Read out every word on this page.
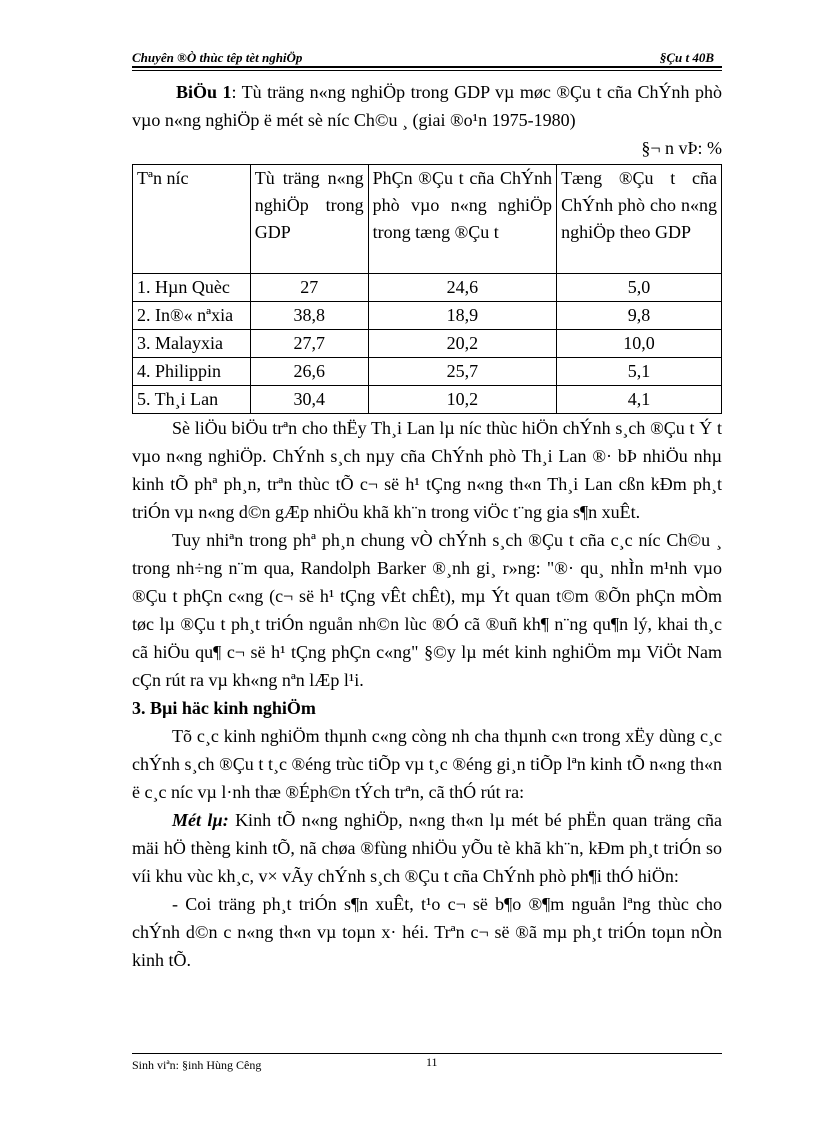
Chuyên ®Ò thùc têp tèt nghiÖp	§Çu t 40B

BiÖu 1: Tù träng n«ng nghiÖp trong GDP vµ møc ®Çu t cña ChÝnh phò vµo n«ng nghiÖp ë mét sè níc Ch©u ¸ (giai ®o¹n 1975-1980)

§¬ n vÞ: %

Tªn níc	Tù träng n«ng nghiÖp trong GDP	PhÇn ®Çu t cña ChÝnh phò vµo n«ng nghiÖp trong tæng ®Çu t	Tæng ®Çu t cña ChÝnh phò cho n«ng nghiÖp theo GDP
1. Hµn Quèc	27	24,6	5,0
2. In®« nªxia	38,8	18,9	9,8
3. Malayxia	27,7	20,2	10,0
4. Philippin	26,6	25,7	5,1
5. Th¸i Lan	30,4	10,2	4,1

Sè liÖu biÖu trªn cho thËy Th¸i Lan lµ níc thùc hiÖn chÝnh s¸ch ®Çu t Ý t vµo n«ng nghiÖp. ChÝnh s¸ch nµy cña ChÝnh phò Th¸i Lan ®· bÞ nhiÖu nhµ kinh tÕ phª ph¸n, trªn thùc tÕ c¬ së h¹ tÇng n«ng th«n Th¸i Lan cßn kÐm ph¸t triÓn vµ n«ng d©n gÆp nhiÖu khã kh¨n trong viÖc t¨ng gia s¶n xuÊt.

Tuy nhiªn trong phª ph¸n chung vÒ chÝnh s¸ch ®Çu t cña c¸c níc Ch©u ¸ trong nh÷ng n¨m qua, Randolph Barker ®¸nh gi¸ r»ng: "®· qu¸ nhÌn m¹nh vµo ®Çu t phÇn c«ng (c¬ së h¹ tÇng vÊt chÊt), mµ Ýt quan t©m ®Õn phÇn mÒm tøc lµ ®Çu t ph¸t triÓn nguån nh©n lùc ®Ó cã ®uñ kh¶ n¨ng qu¶n lý, khai th¸c cã hiÖu qu¶ c¬ së h¹ tÇng phÇn c«ng" §©y lµ mét kinh nghiÖm mµ ViÖt Nam cÇn rút ra vµ kh«ng nªn lÆp l¹i.

3. Bµi häc kinh nghiÖm

Tõ c¸c kinh nghiÖm thµnh c«ng còng nh cha thµnh c«n trong xËy dùng c¸c chÝnh s¸ch ®Çu t t¸c ®éng trùc tiÕp vµ t¸c ®éng gi¸n tiÕp lªn kinh tÕ n«ng th«n ë c¸c níc vµ l·nh thæ ®Éph©n tÝch trªn, cã thÓ rút ra:

Mét lµ: Kinh tÕ n«ng nghiÖp, n«ng th«n lµ mét bé phËn quan träng cña mäi hÖ thèng kinh tÕ, nã chøa ®fùng nhiÖu yÕu tè khã kh¨n, kÐm ph¸t triÓn so víi khu vùc kh¸c, v× vÃy chÝnh s¸ch ®Çu t cña ChÝnh phò ph¶i thÓ hiÖn:

- Coi träng ph¸t triÓn s¶n xuÊt, t¹o c¬ së b¶o ®¶m nguån lªng thùc cho chÝnh d©n c n«ng th«n vµ toµn x· héi. Trªn c¬ së ®ã mµ ph¸t triÓn toµn nÒn kinh tÕ.

Sinh viªn: §inh Hùng Cêng	11
